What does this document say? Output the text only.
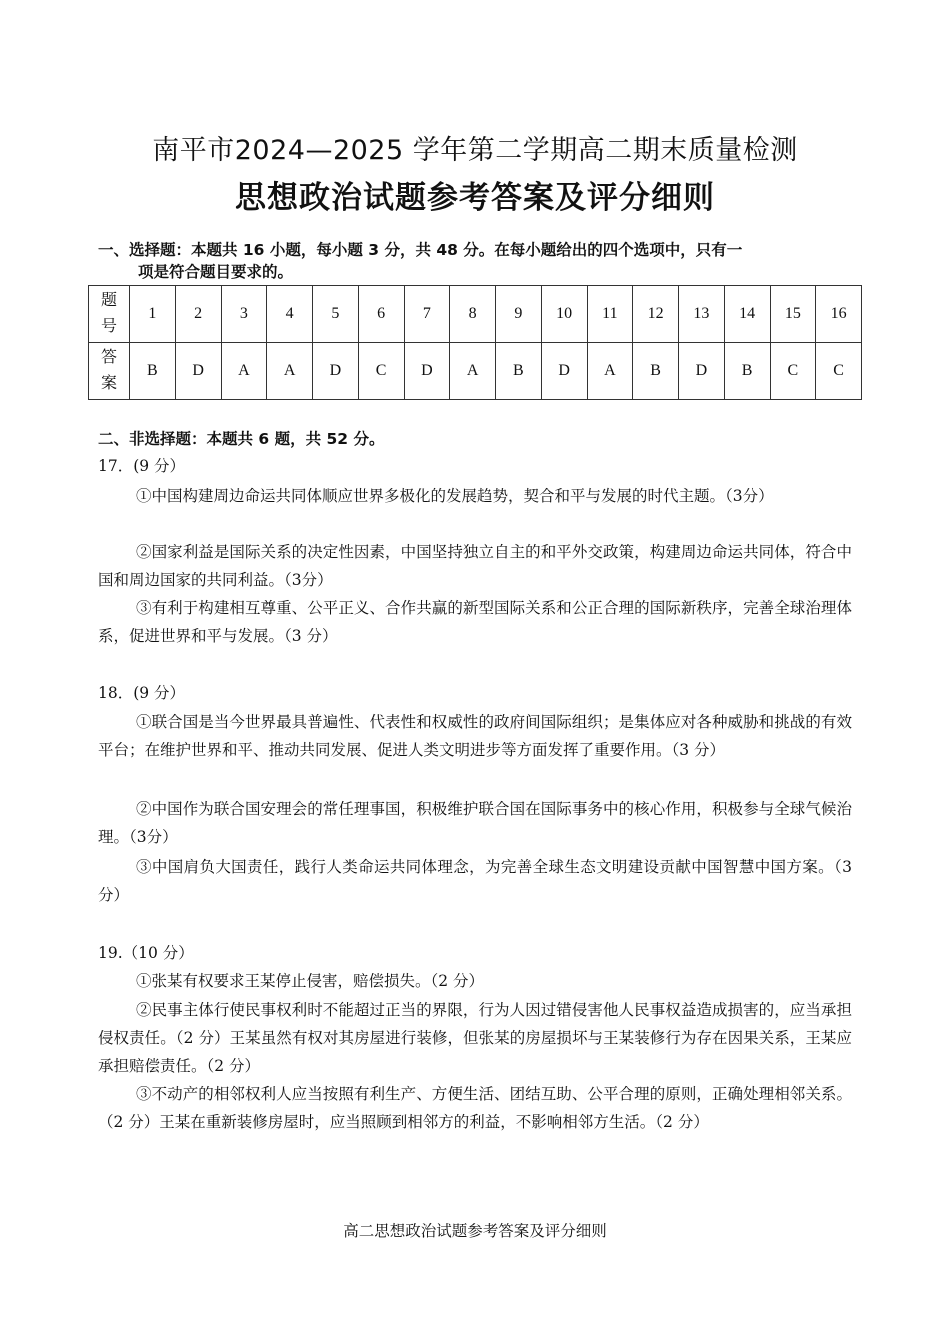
南平市2024—2025 学年第二学期高二期末质量检测
思想政治试题参考答案及评分细则
一、选择题：本题共 16 小题，每小题 3 分，共 48 分。在每小题给出的四个选项中，只有一
项是符合题目要求的。
题号	1	2	3	4	5	6	7	8	9	10	11	12	13	14	15	16
答案	B	D	A	A	D	C	D	A	B	D	A	B	D	B	C	C
二、非选择题：本题共 6 题，共 52 分。
17．(9 分）
①中国构建周边命运共同体顺应世界多极化的发展趋势，契合和平与发展的时代主题。（3分）
②国家利益是国际关系的决定性因素，中国坚持独立自主的和平外交政策，构建周边命运共同体，符合中国和周边国家的共同利益。（3分）
③有利于构建相互尊重、公平正义、合作共赢的新型国际关系和公正合理的国际新秩序，完善全球治理体系，促进世界和平与发展。（3 分）
18．(9 分）
①联合国是当今世界最具普遍性、代表性和权威性的政府间国际组织；是集体应对各种威胁和挑战的有效平台；在维护世界和平、推动共同发展、促进人类文明进步等方面发挥了重要作用。（3 分）
②中国作为联合国安理会的常任理事国，积极维护联合国在国际事务中的核心作用，积极参与全球气候治理。（3分）
③中国肩负大国责任，践行人类命运共同体理念，为完善全球生态文明建设贡献中国智慧中国方案。（3 分）
19.（10 分）
①张某有权要求王某停止侵害，赔偿损失。（2 分）
②民事主体行使民事权利时不能超过正当的界限，行为人因过错侵害他人民事权益造成损害的，应当承担侵权责任。（2 分）王某虽然有权对其房屋进行装修，但张某的房屋损坏与王某装修行为存在因果关系，王某应承担赔偿责任。（2 分）
③不动产的相邻权利人应当按照有利生产、方便生活、团结互助、公平合理的原则，正确处理相邻关系。（2 分）王某在重新装修房屋时，应当照顾到相邻方的利益，不影响相邻方生活。（2 分）
高二思想政治试题参考答案及评分细则
